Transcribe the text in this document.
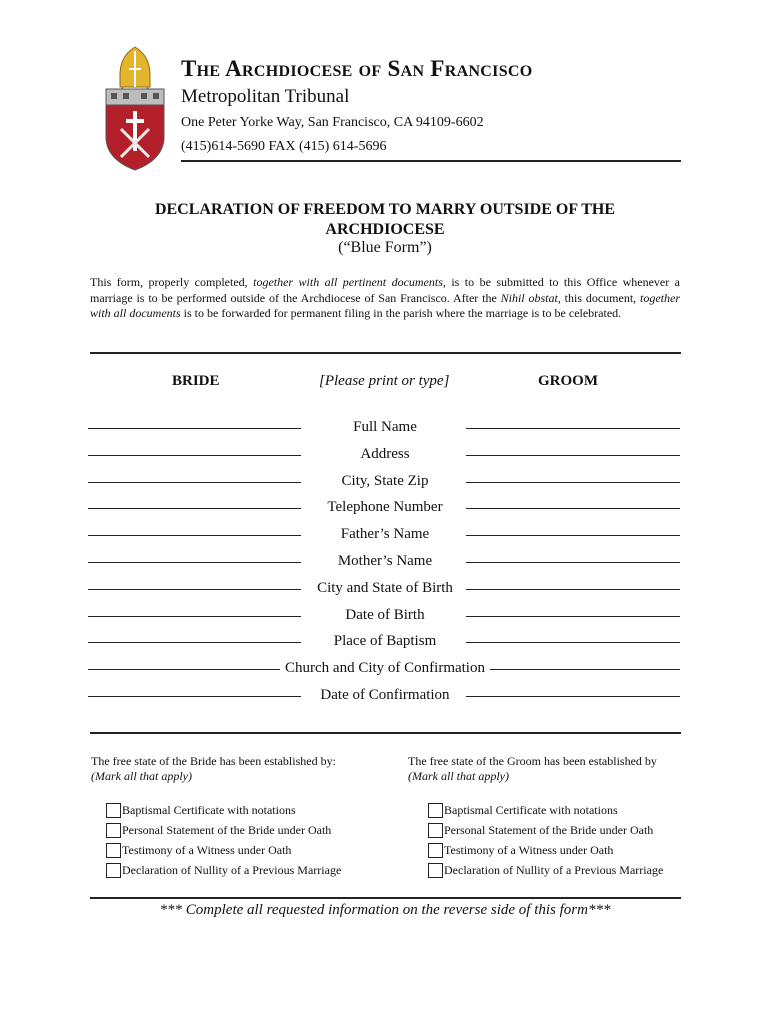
The Archdiocese of San Francisco
Metropolitan Tribunal
One Peter Yorke Way, San Francisco, CA 94109-6602
(415)614-5690 FAX (415) 614-5696
DECLARATION OF FREEDOM TO MARRY OUTSIDE OF THE
ARCHDIOCESE
(“Blue Form”)
This form, properly completed, together with all pertinent documents, is to be submitted to this Office whenever a marriage is to be performed outside of the Archdiocese of San Francisco. After the Nihil obstat, this document, together with all documents is to be forwarded for permanent filing in the parish where the marriage is to be celebrated.
BRIDE	[Please print or type]	GROOM
Full Name
Address
City, State Zip
Telephone Number
Father’s Name
Mother’s Name
City and State of Birth
Date of Birth
Place of Baptism
Church and City of Confirmation
Date of Confirmation
The free state of the Bride has been established by:
(Mark all that apply)
Baptismal Certificate with notations
Personal Statement of the Bride under Oath
Testimony of a Witness under Oath
Declaration of Nullity of a Previous Marriage
The free state of the Groom has been established by
(Mark all that apply)
Baptismal Certificate with notations
Personal Statement of the Bride under Oath
Testimony of a Witness under Oath
Declaration of Nullity of a Previous Marriage
*** Complete all requested information on the reverse side of this form***
